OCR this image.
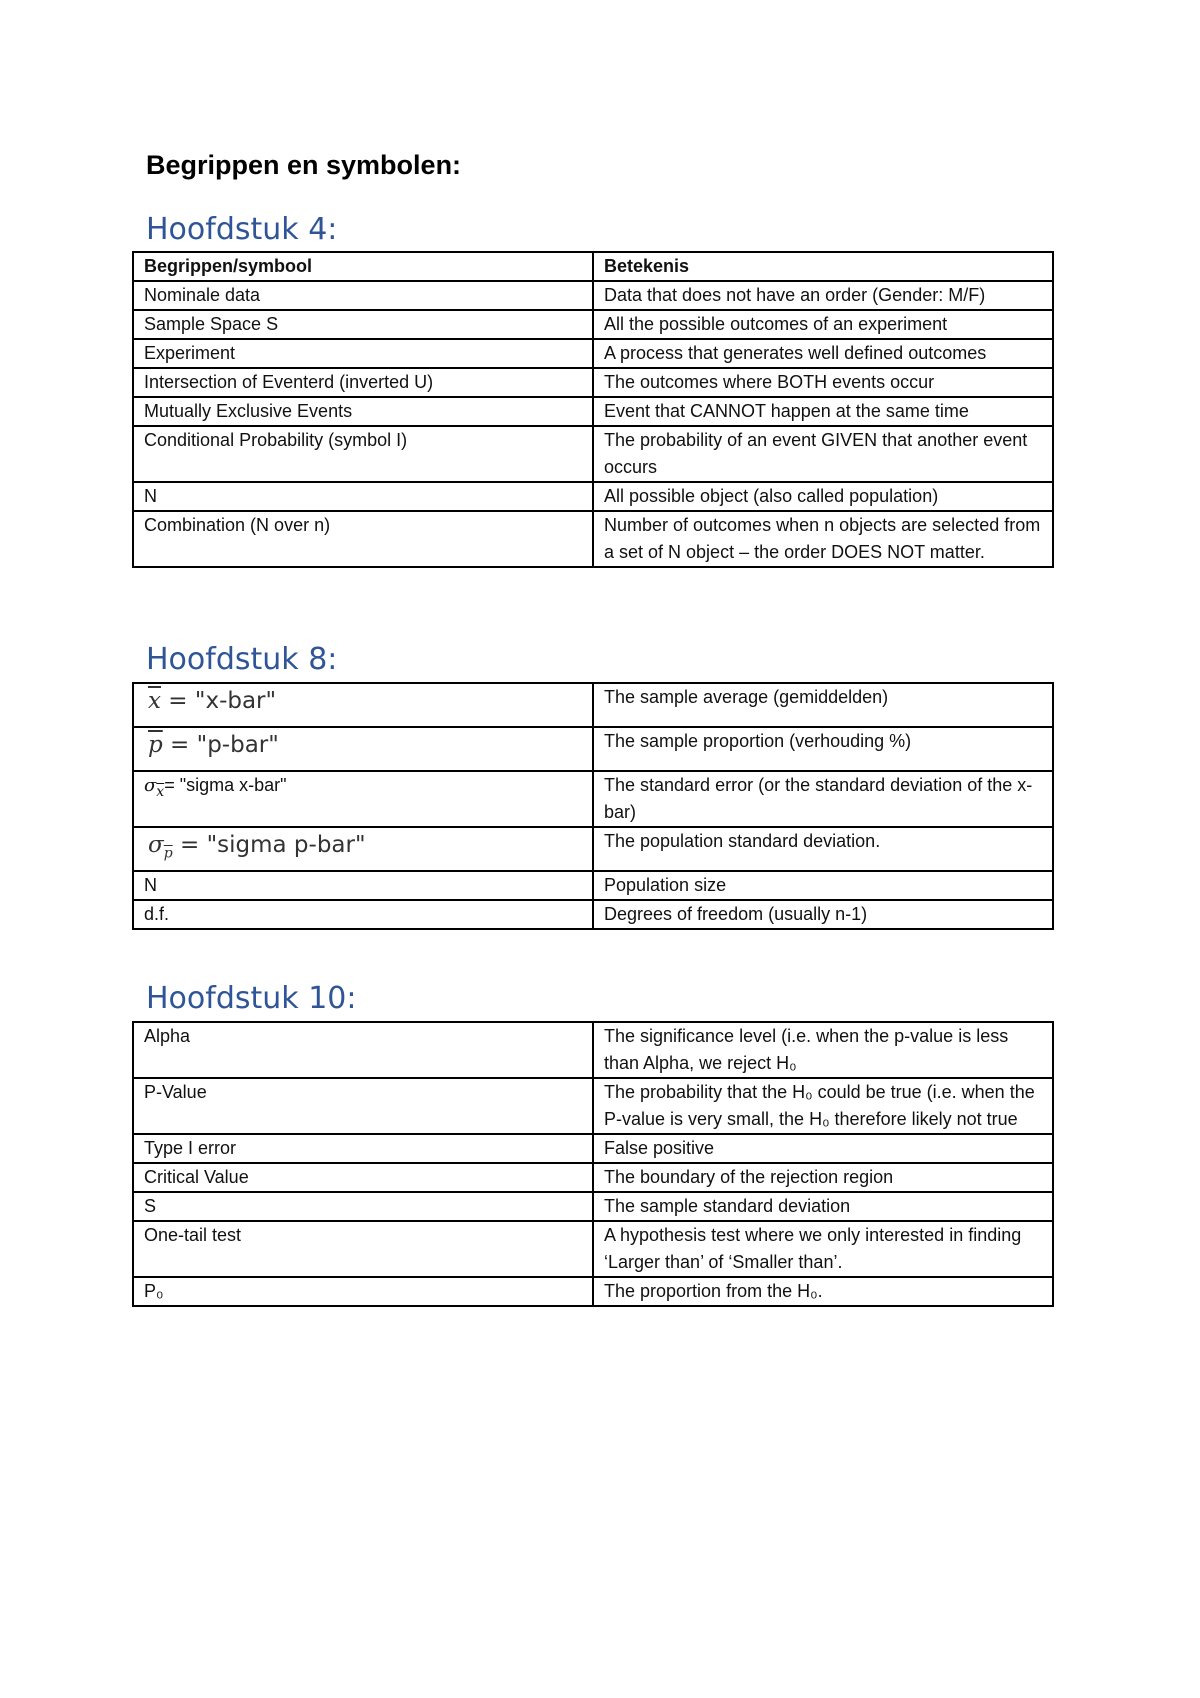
Begrippen en symbolen:
Hoofdstuk 4:
Begrippen/symbool	Betekenis
Nominale data	Data that does not have an order (Gender: M/F)
Sample Space S	All the possible outcomes of an experiment
Experiment	A process that generates well defined outcomes
Intersection of Eventerd (inverted U)	The outcomes where BOTH events occur
Mutually Exclusive Events	Event that CANNOT happen at the same time
Conditional Probability (symbol I)	The probability of an event GIVEN that another event occurs
N	All possible object (also called population)
Combination (N over n)	Number of outcomes when n objects are selected from a set of N object – the order DOES NOT matter.
Hoofdstuk 8:
$\overline{x}$ = "x-bar"	The sample average (gemiddelden)
$\overline{p}$ = "p-bar"	The sample proportion (verhouding %)
$\sigma_{\overline{x}}=$ "sigma x-bar"	The standard error (or the standard deviation of the x-bar)
$\sigma_{\overline{p}}$ = "sigma p-bar"	The population standard deviation.
N	Population size
d.f.	Degrees of freedom (usually n-1)
Hoofdstuk 10:
Alpha	The significance level (i.e. when the p-value is less than Alpha, we reject H₀
P-Value	The probability that the H₀ could be true (i.e. when the P-value is very small, the H₀ therefore likely not true
Type I error	False positive
Critical Value	The boundary of the rejection region
S	The sample standard deviation
One-tail test	A hypothesis test where we only interested in finding ‘Larger than’ of ‘Smaller than’.
P₀	The proportion from the H₀.
